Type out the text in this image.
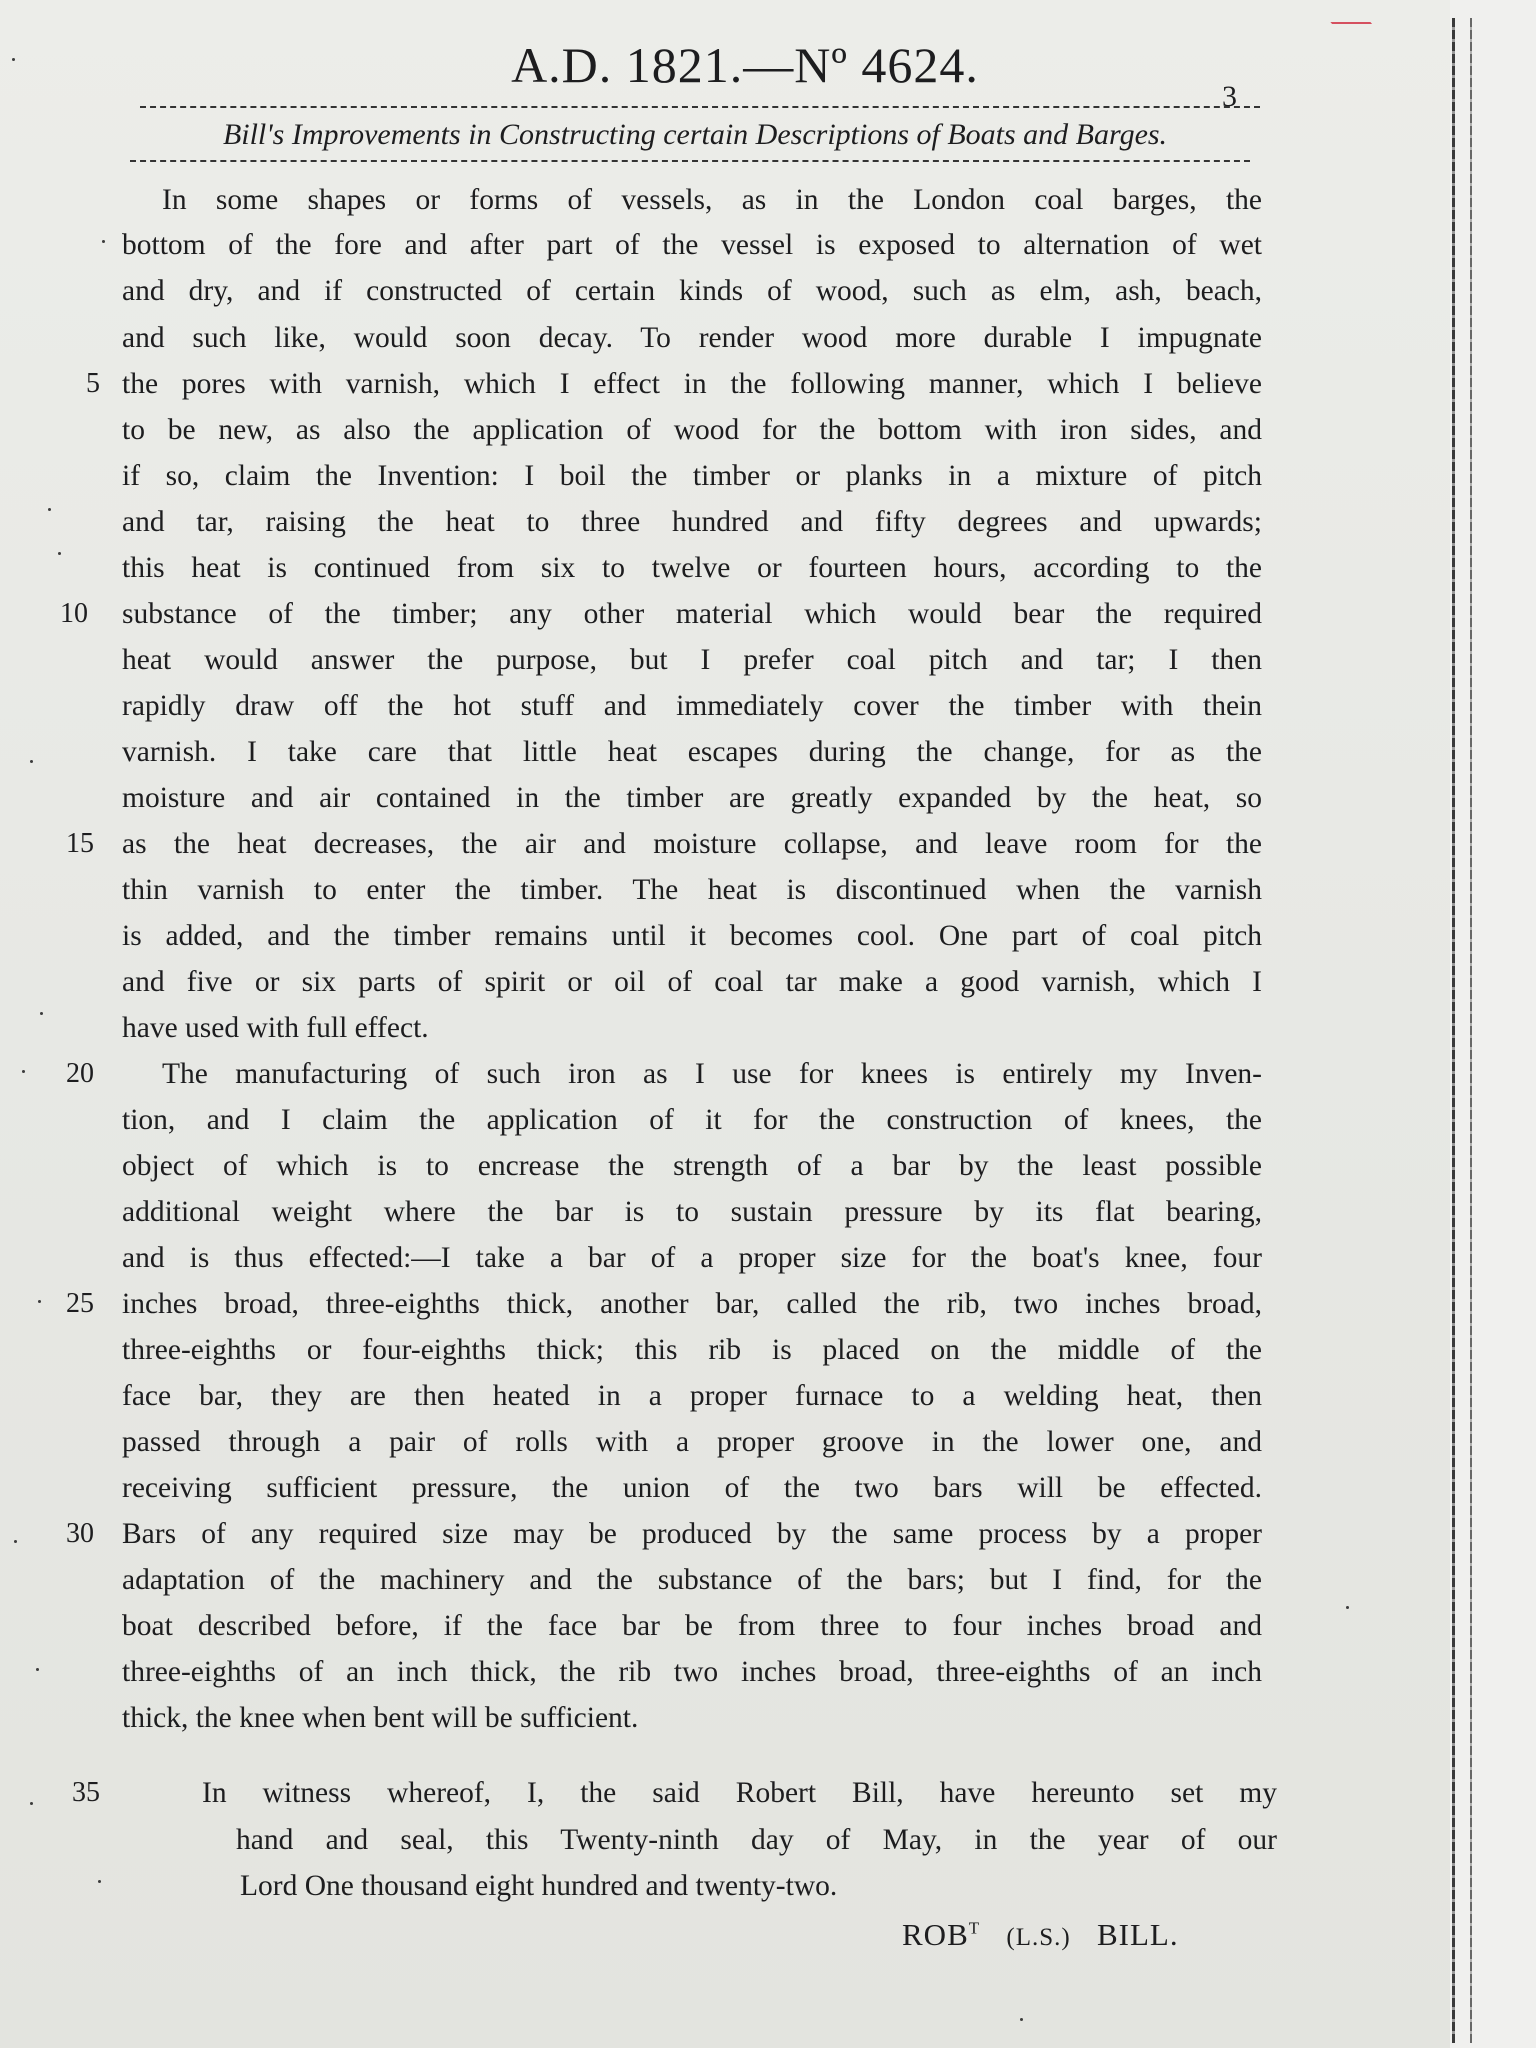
A.D. 1821.—Nº 4624.
3
Bill's Improvements in Constructing certain Descriptions of Boats and Barges.
In some shapes or forms of vessels, as in the London coal barges, the
bottom of the fore and after part of the vessel is exposed to alternation of wet
and dry, and if constructed of certain kinds of wood, such as elm, ash, beach,
and such like, would soon decay. To render wood more durable I impugnate
the pores with varnish, which I effect in the following manner, which I believe
to be new, as also the application of wood for the bottom with iron sides, and
if so, claim the Invention: I boil the timber or planks in a mixture of pitch
and tar, raising the heat to three hundred and fifty degrees and upwards;
this heat is continued from six to twelve or fourteen hours, according to the
substance of the timber; any other material which would bear the required
heat would answer the purpose, but I prefer coal pitch and tar; I then
rapidly draw off the hot stuff and immediately cover the timber with thein
varnish. I take care that little heat escapes during the change, for as the
moisture and air contained in the timber are greatly expanded by the heat, so
as the heat decreases, the air and moisture collapse, and leave room for the
thin varnish to enter the timber. The heat is discontinued when the varnish
is added, and the timber remains until it becomes cool. One part of coal pitch
and five or six parts of spirit or oil of coal tar make a good varnish, which I
have used with full effect.
The manufacturing of such iron as I use for knees is entirely my Inven-
tion, and I claim the application of it for the construction of knees, the
object of which is to encrease the strength of a bar by the least possible
additional weight where the bar is to sustain pressure by its flat bearing,
and is thus effected:—I take a bar of a proper size for the boat's knee, four
inches broad, three-eighths thick, another bar, called the rib, two inches broad,
three-eighths or four-eighths thick; this rib is placed on the middle of the
face bar, they are then heated in a proper furnace to a welding heat, then
passed through a pair of rolls with a proper groove in the lower one, and
receiving sufficient pressure, the union of the two bars will be effected.
Bars of any required size may be produced by the same process by a proper
adaptation of the machinery and the substance of the bars; but I find, for the
boat described before, if the face bar be from three to four inches broad and
three-eighths of an inch thick, the rib two inches broad, three-eighths of an inch
thick, the knee when bent will be sufficient.
5
10
15
20
25
30
35	In witness whereof, I, the said Robert Bill, have hereunto set my
hand and seal, this Twenty-ninth day of May, in the year of our
Lord One thousand eight hundred and twenty-two.
$ROB^T$ (L.S.) BILL.
